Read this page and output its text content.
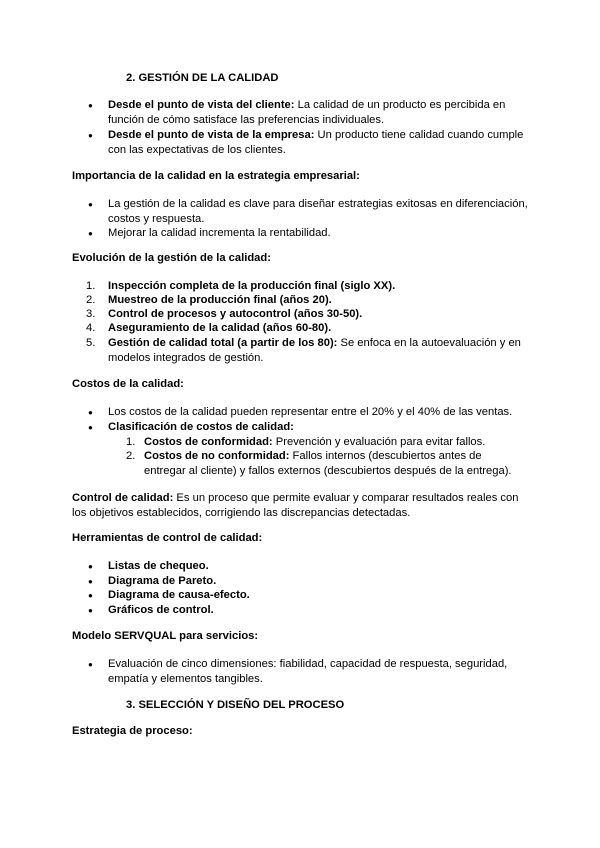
2. GESTIÓN DE LA CALIDAD
● Desde el punto de vista del cliente: La calidad de un producto es percibida en función de cómo satisface las preferencias individuales.
● Desde el punto de vista de la empresa: Un producto tiene calidad cuando cumple con las expectativas de los clientes.
Importancia de la calidad en la estrategia empresarial:
● La gestión de la calidad es clave para diseñar estrategias exitosas en diferenciación, costos y respuesta.
● Mejorar la calidad incrementa la rentabilidad.
Evolución de la gestión de la calidad:
1.	Inspección completa de la producción final (siglo XX).
2.	Muestreo de la producción final (años 20).
3.	Control de procesos y autocontrol (años 30-50).
4.	Aseguramiento de la calidad (años 60-80).
5.	Gestión de calidad total (a partir de los 80): Se enfoca en la autoevaluación y en modelos integrados de gestión.
Costos de la calidad:
● Los costos de la calidad pueden representar entre el 20% y el 40% de las ventas.
● Clasificación de costos de calidad:
1. Costos de conformidad: Prevención y evaluación para evitar fallos.
2. Costos de no conformidad: Fallos internos (descubiertos antes de entregar al cliente) y fallos externos (descubiertos después de la entrega).
Control de calidad: Es un proceso que permite evaluar y comparar resultados reales con los objetivos establecidos, corrigiendo las discrepancias detectadas.
Herramientas de control de calidad:
● Listas de chequeo.
● Diagrama de Pareto.
● Diagrama de causa-efecto.
● Gráficos de control.
Modelo SERVQUAL para servicios:
● Evaluación de cinco dimensiones: fiabilidad, capacidad de respuesta, seguridad, empatía y elementos tangibles.
3. SELECCIÓN Y DISEÑO DEL PROCESO
Estrategia de proceso:
